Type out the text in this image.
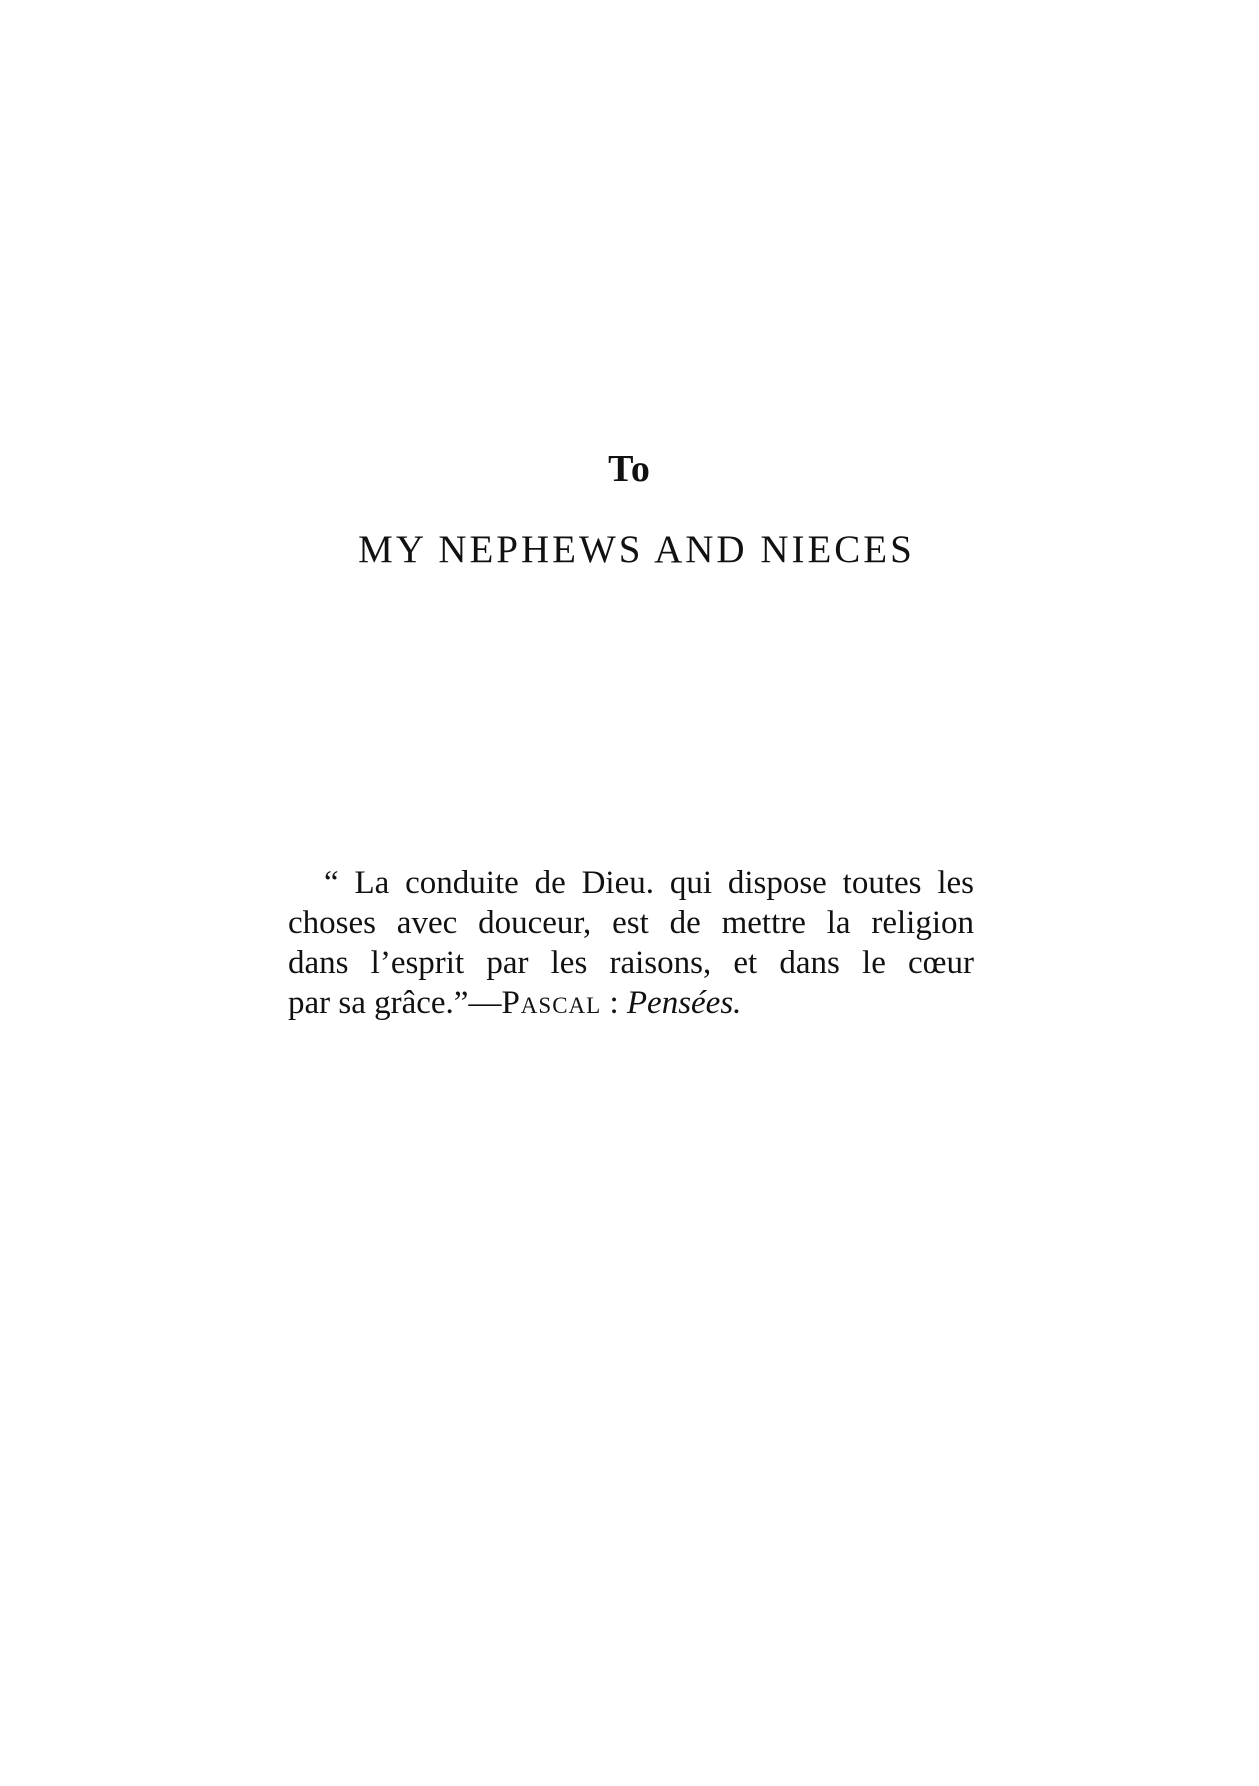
To
MY NEPHEWS AND NIECES
“ La conduite de Dieu. qui dispose toutes les
choses avec douceur, est de mettre la religion
dans l’esprit par les raisons, et dans le cœur
par sa grâce.”—Pascal : Pensées.
